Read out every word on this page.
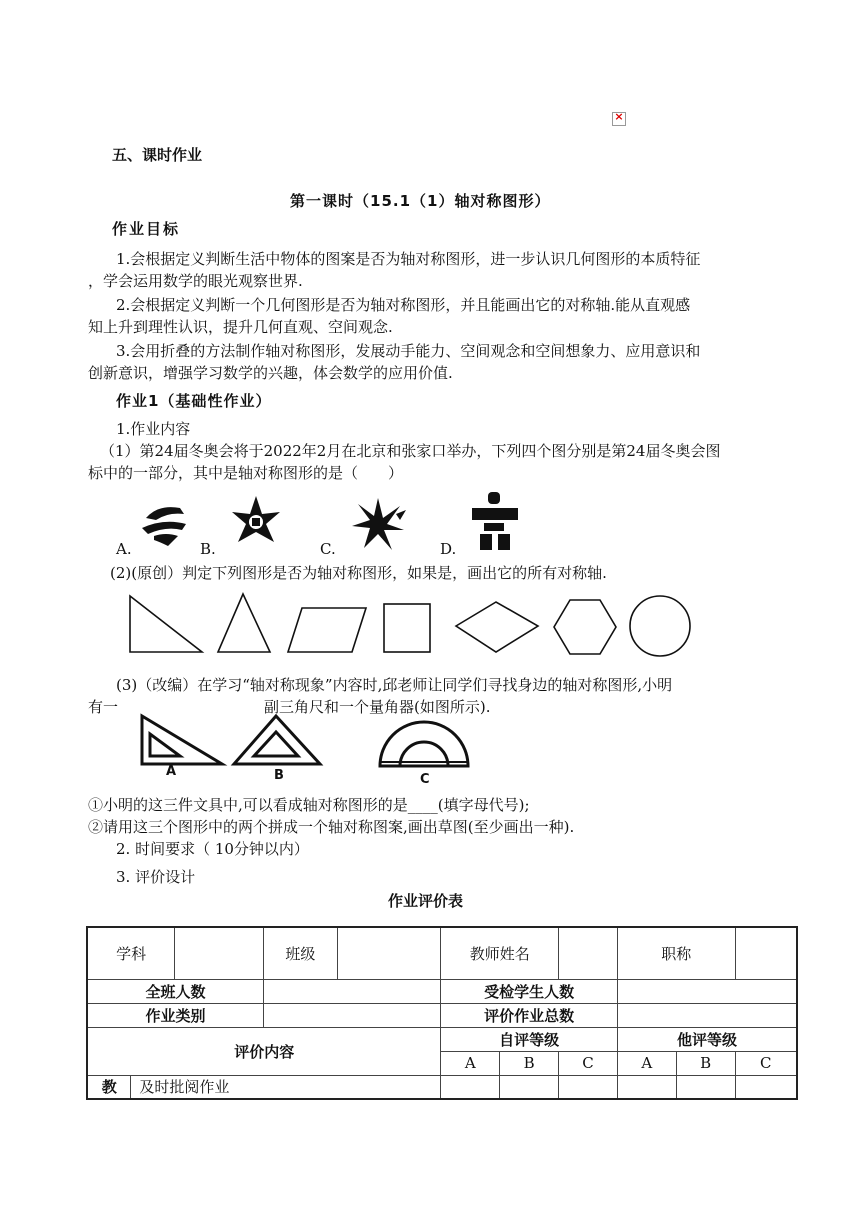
×
五、课时作业
第一课时（15.1（1）轴对称图形）
作业目标
1.会根据定义判断生活中物体的图案是否为轴对称图形，进一步认识几何图形的本质特征
，学会运用数学的眼光观察世界.
2.会根据定义判断一个几何图形是否为轴对称图形，并且能画出它的对称轴.能从直观感
知上升到理性认识，提升几何直观、空间观念.
3.会用折叠的方法制作轴对称图形，发展动手能力、空间观念和空间想象力、应用意识和
创新意识，增强学习数学的兴趣，体会数学的应用价值.
作业1（基础性作业）
1.作业内容
（1）第24届冬奥会将于2022年2月在北京和张家口举办，下列四个图分别是第24届冬奥会图
标中的一部分，其中是轴对称图形的是（　　）
A.	B.	C.	D.
(2)(原创）判定下列图形是否为轴对称图形，如果是，画出它的所有对称轴.
(3)（改编）在学习“轴对称现象”内容时,邱老师让同学们寻找身边的轴对称图形,小明
有一	副三角尺和一个量角器(如图所示).
A	B	C
①小明的这三件文具中,可以看成轴对称图形的是____(填字母代号);
②请用这三个图形中的两个拼成一个轴对称图案,画出草图(至少画出一种).
2. 时间要求（ 10分钟以内）
3. 评价设计
作业评价表
学科			班级		教师姓名			职称		
全班人数					受检学生人数					
作业类别					评价作业总数					
评价内容					自评等级			他评等级		
					A	B	C	A	B	C
教	及时批阅作业									
